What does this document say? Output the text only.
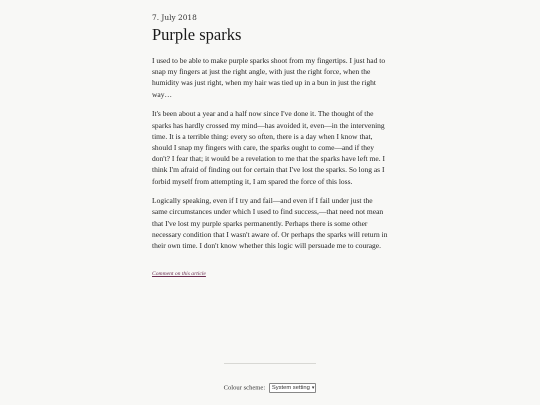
7. July 2018
Purple sparks

I used to be able to make purple sparks shoot from my fingertips. I just had to snap my fingers at just the right angle, with just the right force, when the humidity was just right, when my hair was tied up in a bun in just the right way…

It's been about a year and a half now since I've done it. The thought of the sparks has hardly crossed my mind—has avoided it, even—in the intervening time. It is a terrible thing: every so often, there is a day when I know that, should I snap my fingers with care, the sparks ought to come—and if they don't? I fear that; it would be a revelation to me that the sparks have left me. I think I'm afraid of finding out for certain that I've lost the sparks. So long as I forbid myself from attempting it, I am spared the force of this loss.

Logically speaking, even if I try and fail—and even if I fail under just the same circumstances under which I used to find success,—that need not mean that I've lost my purple sparks permanently. Perhaps there is some other necessary condition that I wasn't aware of. Or perhaps the sparks will return in their own time. I don't know whether this logic will persuade me to courage.

Comment on this article
Colour scheme: System setting ▾
